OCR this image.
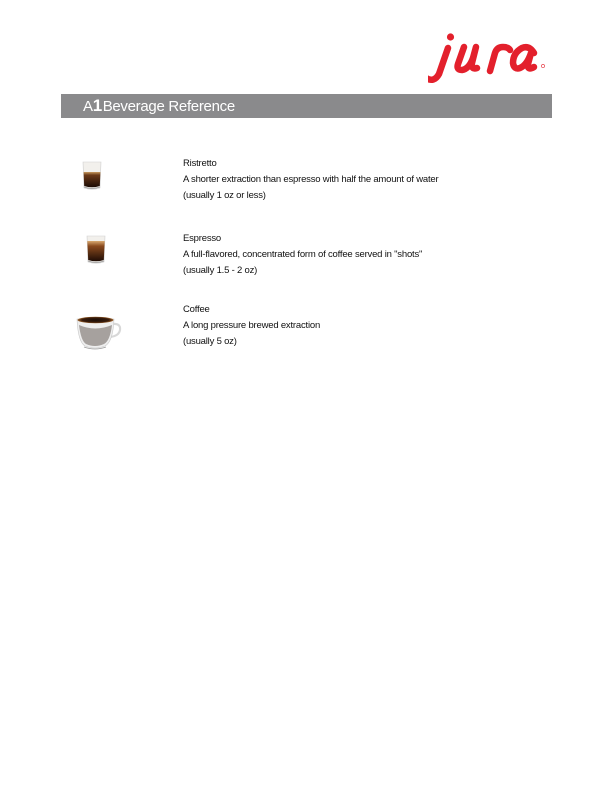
A 1 Beverage Reference
Ristretto
A shorter extraction than espresso with half the amount of water
(usually 1 oz or less)
Espresso
A full-flavored, concentrated form of coffee served in "shots"
(usually 1.5 - 2 oz)
Coffee
A long pressure brewed extraction
(usually 5 oz)
